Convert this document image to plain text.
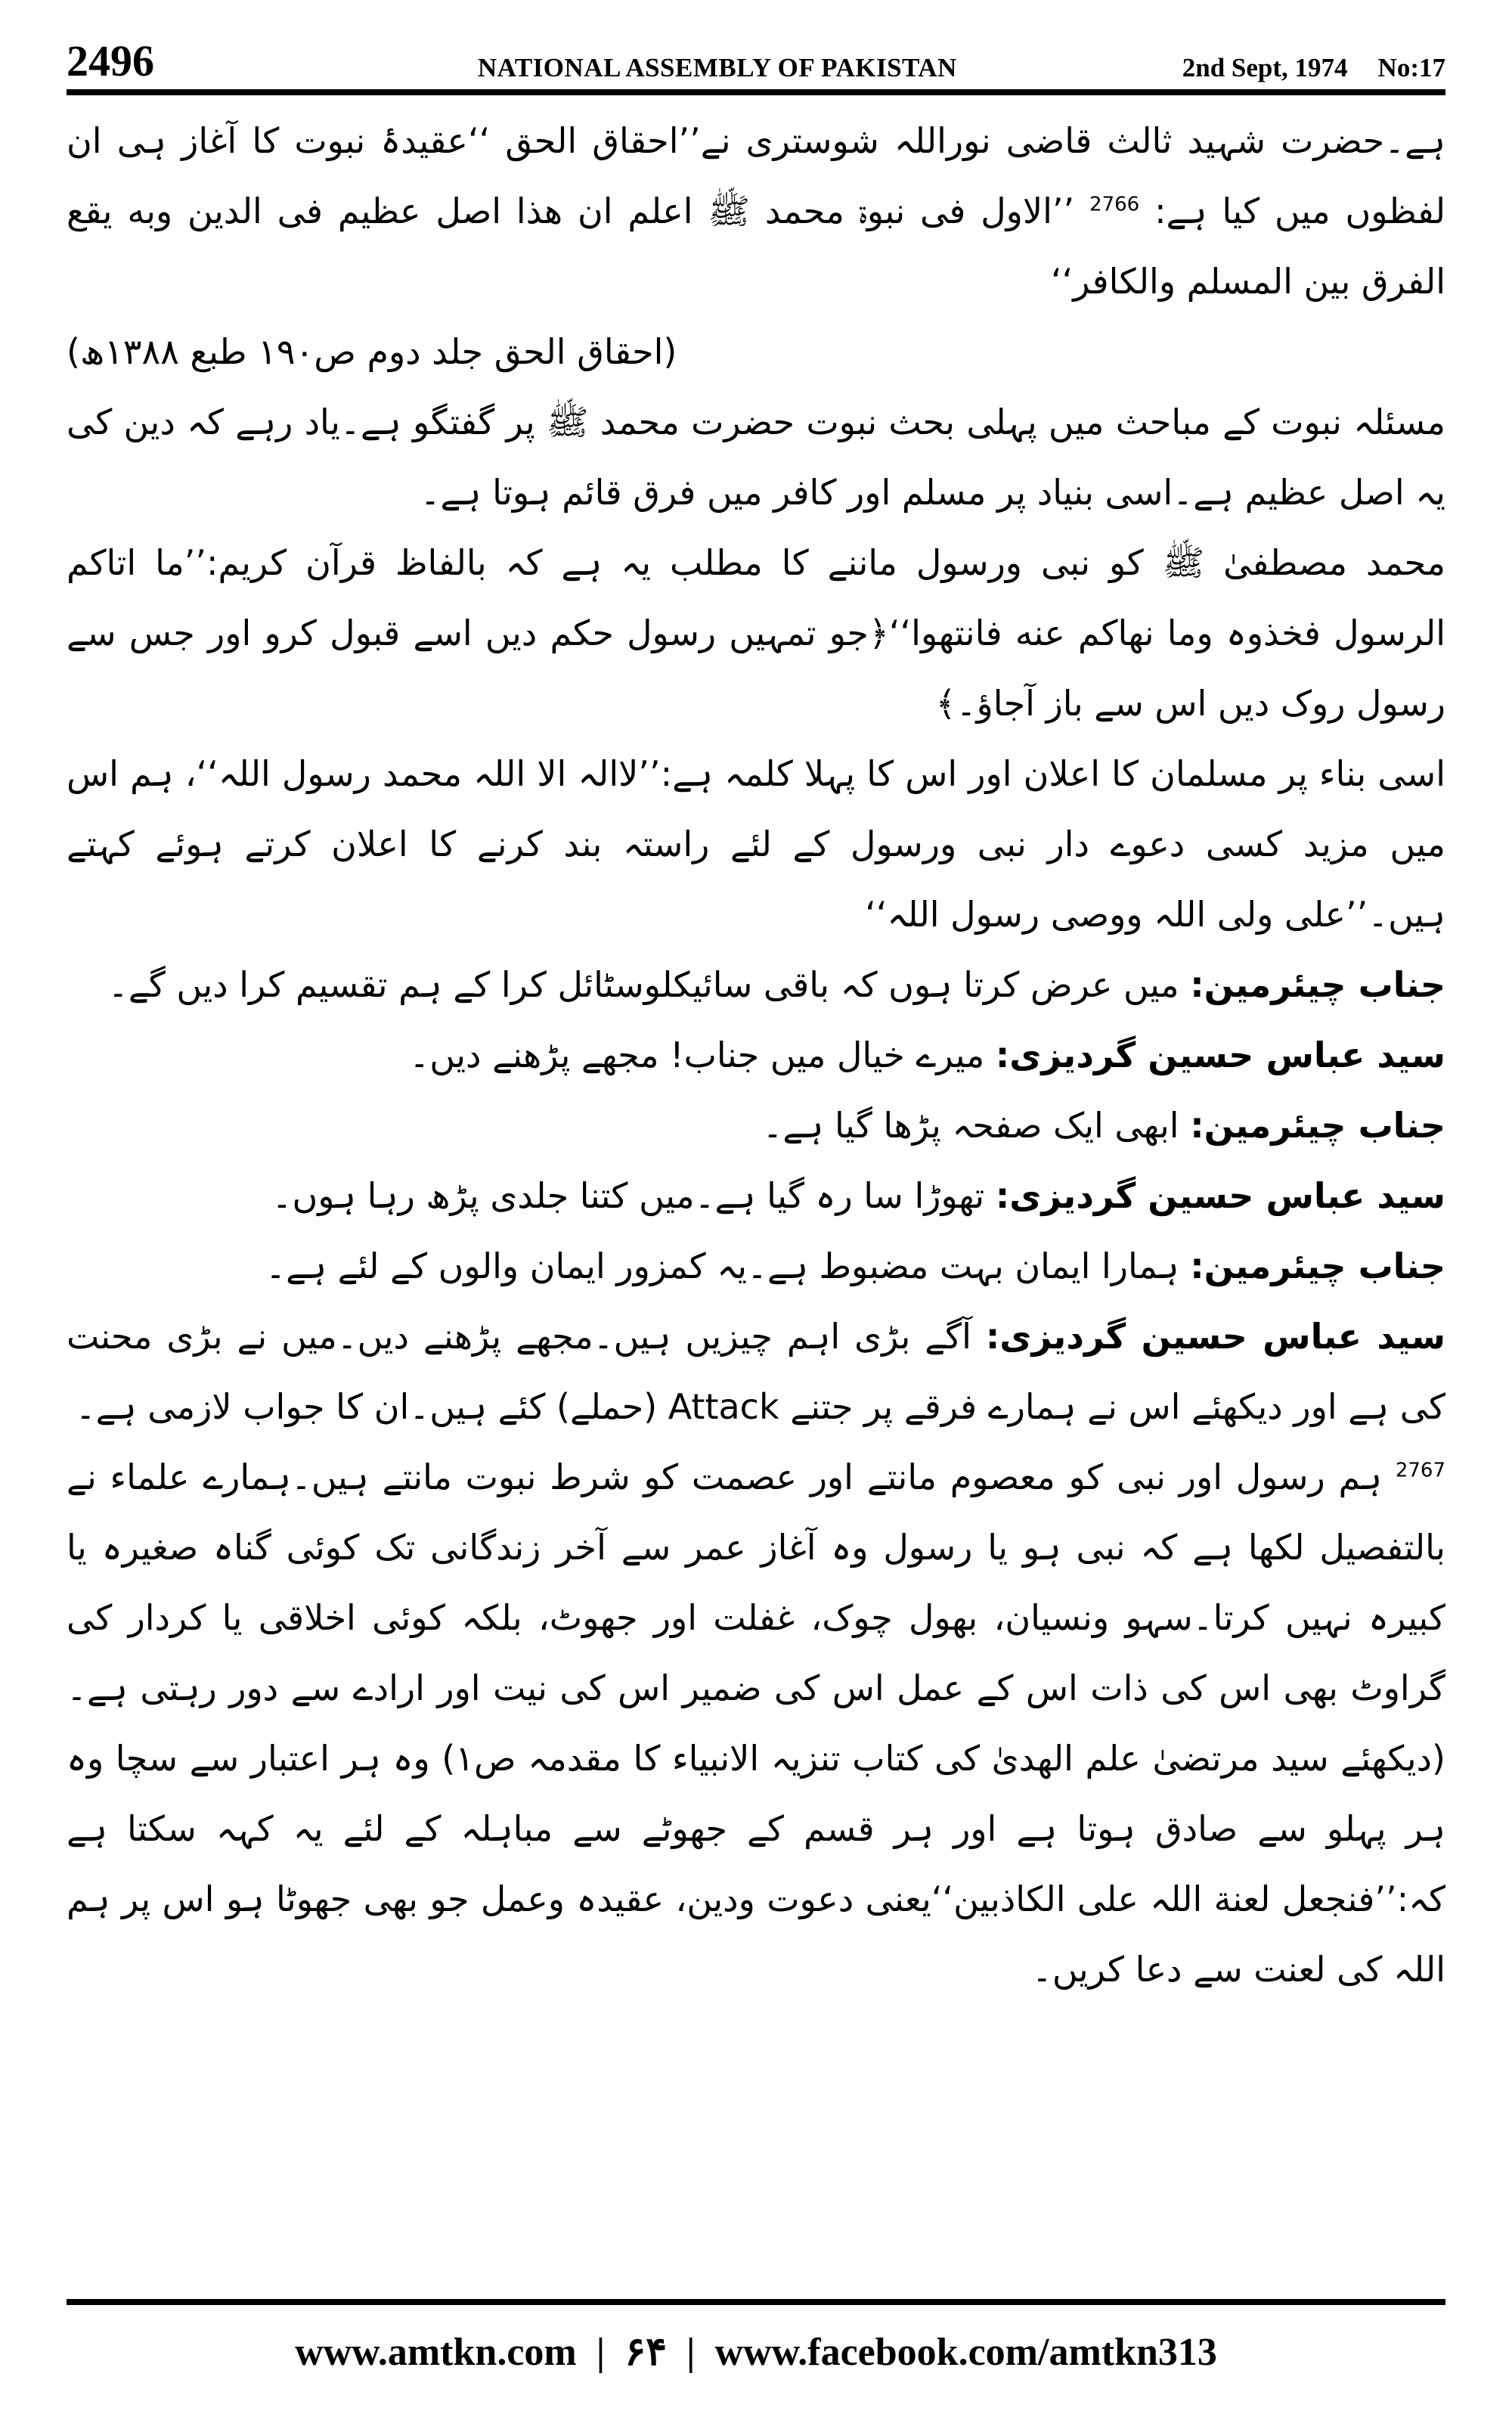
2496	NATIONAL ASSEMBLY OF PAKISTAN	2nd Sept, 1974 No:17

ہے۔حضرت شہید ثالث قاضی نوراللہ شوستری نے’’احقاق الحق ‘‘عقیدۂ نبوت کا آغاز ہی ان لفظوں میں کیا ہے: $^{2766}$ ’’الاول فی نبوۃ محمد ﷺ اعلم ان ھذا اصل عظیم فی الدین وبه یقع الفرق بین المسلم والکافر‘‘

(احقاق الحق جلد دوم ص۱۹۰ طبع ۱۳۸۸ھ)

مسئلہ نبوت کے مباحث میں پہلی بحث نبوت حضرت محمد ﷺ پر گفتگو ہے۔یاد رہے کہ دین کی یہ اصل عظیم ہے۔اسی بنیاد پر مسلم اور کافر میں فرق قائم ہوتا ہے۔

محمد مصطفیٰ ﷺ کو نبی ورسول ماننے کا مطلب یہ ہے کہ بالفاظ قرآن کریم:’’ما اتاکم الرسول فخذوہ وما نھاکم عنه فانتھوا‘‘﴿جو تمہیں رسول حکم دیں اسے قبول کرو اور جس سے رسول روک دیں اس سے باز آجاؤ۔﴾

اسی بناء پر مسلمان کا اعلان اور اس کا پہلا کلمہ ہے:’’لاالہ الا اللہ محمد رسول اللہ‘‘، ہم اس میں مزید کسی دعوے دار نبی ورسول کے لئے راستہ بند کرنے کا اعلان کرتے ہوئے کہتے ہیں۔’’علی ولی اللہ ووصی رسول اللہ‘‘

جناب چیئرمین: میں عرض کرتا ہوں کہ باقی سائیکلوسٹائل کرا کے ہم تقسیم کرا دیں گے۔

سید عباس حسین گردیزی: میرے خیال میں جناب! مجھے پڑھنے دیں۔

جناب چیئرمین: ابھی ایک صفحہ پڑھا گیا ہے۔

سید عباس حسین گردیزی: تھوڑا سا رہ گیا ہے۔میں کتنا جلدی پڑھ رہا ہوں۔

جناب چیئرمین: ہمارا ایمان بہت مضبوط ہے۔یہ کمزور ایمان والوں کے لئے ہے۔

سید عباس حسین گردیزی: آگے بڑی اہم چیزیں ہیں۔مجھے پڑھنے دیں۔میں نے بڑی محنت کی ہے اور دیکھئے اس نے ہمارے فرقے پر جتنے Attack (حملے) کئے ہیں۔ان کا جواب لازمی ہے۔

$^{2767}$ ہم رسول اور نبی کو معصوم مانتے اور عصمت کو شرط نبوت مانتے ہیں۔ہمارے علماء نے بالتفصیل لکھا ہے کہ نبی ہو یا رسول وہ آغاز عمر سے آخر زندگانی تک کوئی گناہ صغیرہ یا کبیرہ نہیں کرتا۔سہو ونسیان، بھول چوک، غفلت اور جھوٹ، بلکہ کوئی اخلاقی یا کردار کی گراوٹ بھی اس کی ذات اس کے عمل اس کی ضمیر اس کی نیت اور ارادے سے دور رہتی ہے۔(دیکھئے سید مرتضیٰ علم الھدیٰ کی کتاب تنزیہ الانبیاء کا مقدمہ ص۱) وہ ہر اعتبار سے سچا وہ ہر پہلو سے صادق ہوتا ہے اور ہر قسم کے جھوٹے سے مباہلہ کے لئے یہ کہہ سکتا ہے کہ:’’فنجعل لعنة اللہ علی الکاذبین‘‘یعنی دعوت ودین، عقیدہ وعمل جو بھی جھوٹا ہو اس پر ہم اللہ کی لعنت سے دعا کریں۔

www.amtkn.com | ۶۴ | www.facebook.com/amtkn313
